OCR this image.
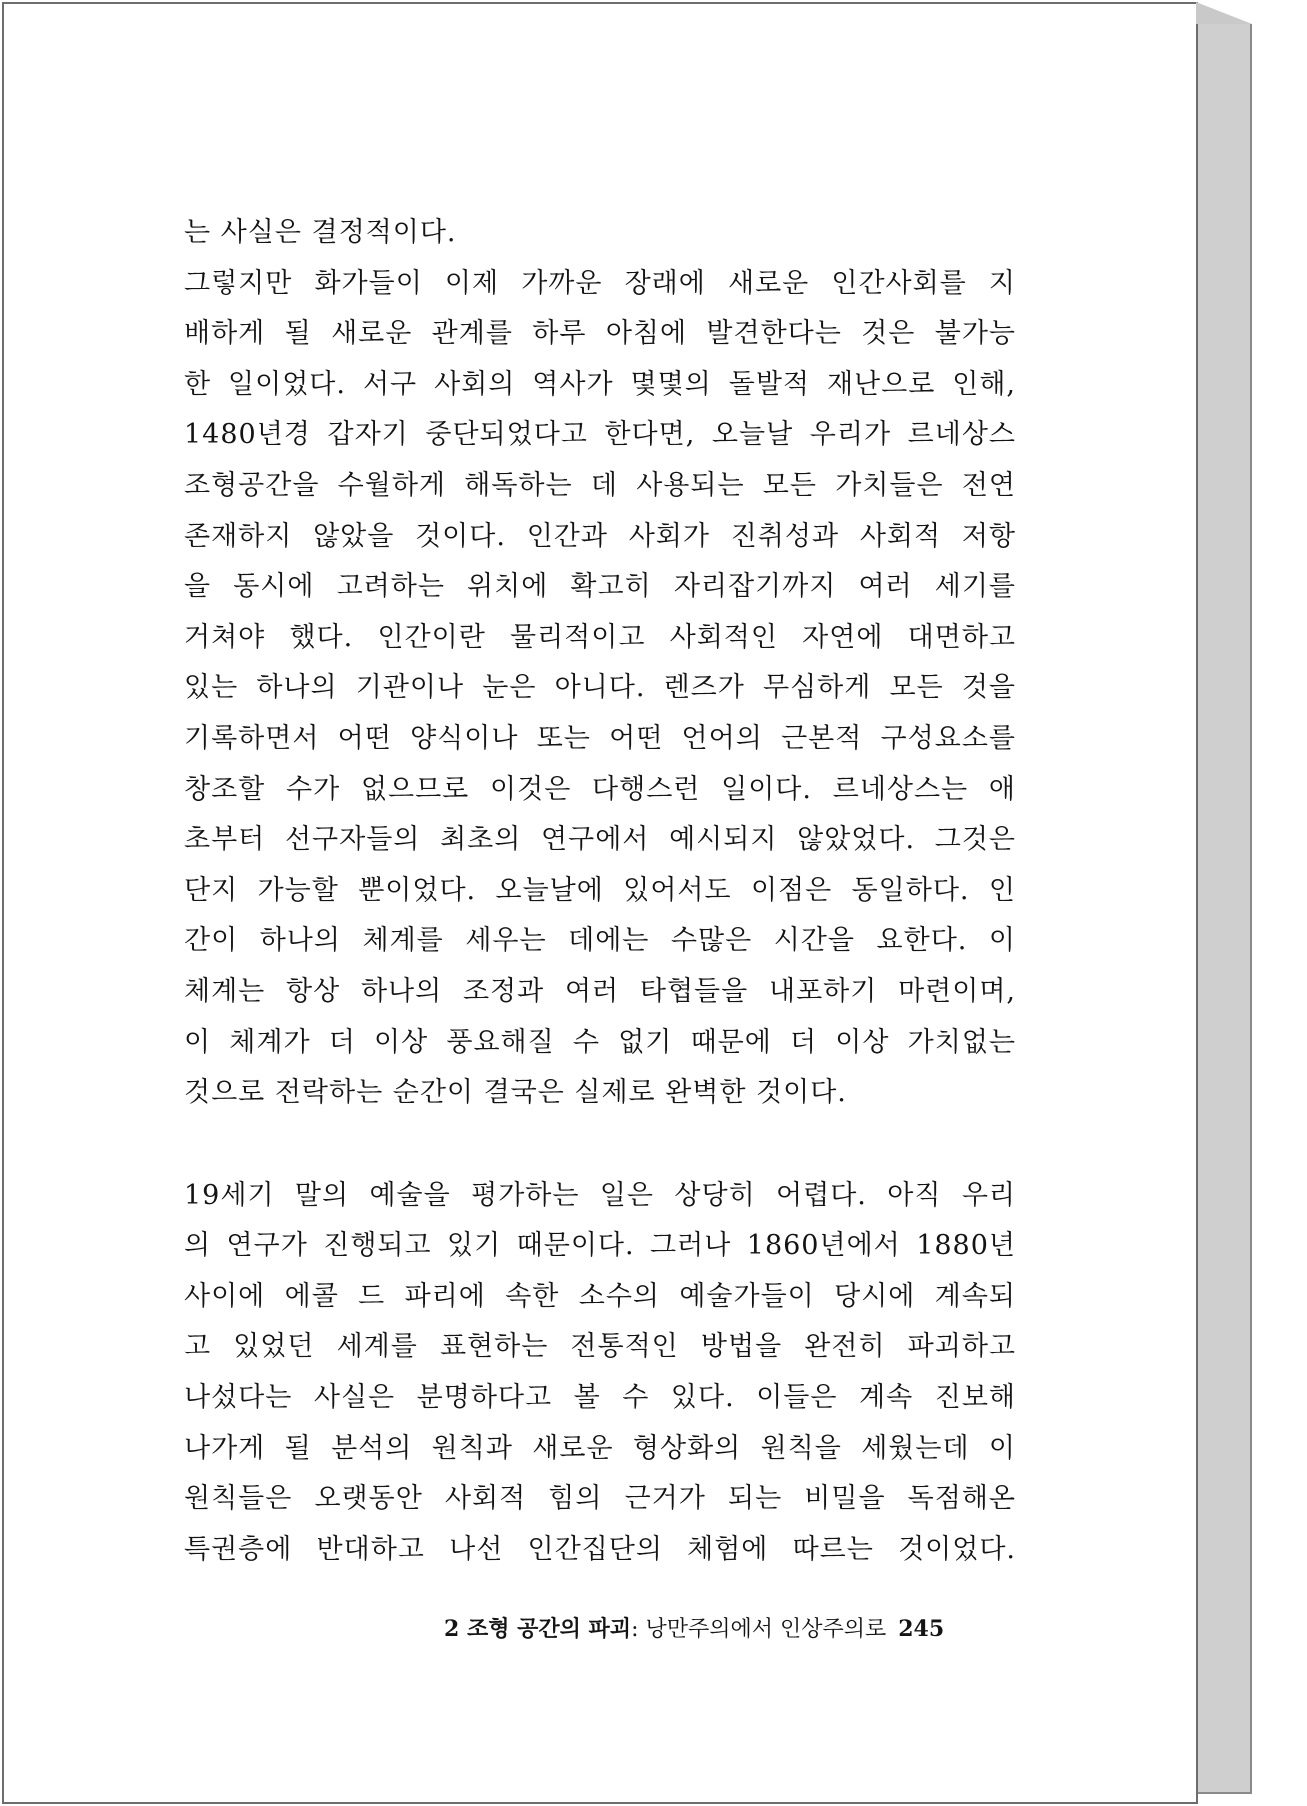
는 사실은 결정적이다.
그렇지만 화가들이 이제 가까운 장래에 새로운 인간사회를 지
배하게 될 새로운 관계를 하루 아침에 발견한다는 것은 불가능
한 일이었다. 서구 사회의 역사가 몇몇의 돌발적 재난으로 인해,
1480년경 갑자기 중단되었다고 한다면, 오늘날 우리가 르네상스
조형공간을 수월하게 해독하는 데 사용되는 모든 가치들은 전연
존재하지 않았을 것이다. 인간과 사회가 진취성과 사회적 저항
을 동시에 고려하는 위치에 확고히 자리잡기까지 여러 세기를
거쳐야 했다. 인간이란 물리적이고 사회적인 자연에 대면하고
있는 하나의 기관이나 눈은 아니다. 렌즈가 무심하게 모든 것을
기록하면서 어떤 양식이나 또는 어떤 언어의 근본적 구성요소를
창조할 수가 없으므로 이것은 다행스런 일이다. 르네상스는 애
초부터 선구자들의 최초의 연구에서 예시되지 않았었다. 그것은
단지 가능할 뿐이었다. 오늘날에 있어서도 이점은 동일하다. 인
간이 하나의 체계를 세우는 데에는 수많은 시간을 요한다. 이
체계는 항상 하나의 조정과 여러 타협들을 내포하기 마련이며,
이 체계가 더 이상 풍요해질 수 없기 때문에 더 이상 가치없는
것으로 전락하는 순간이 결국은 실제로 완벽한 것이다.
19세기 말의 예술을 평가하는 일은 상당히 어렵다. 아직 우리
의 연구가 진행되고 있기 때문이다. 그러나 1860년에서 1880년
사이에 에콜 드 파리에 속한 소수의 예술가들이 당시에 계속되
고 있었던 세계를 표현하는 전통적인 방법을 완전히 파괴하고
나섰다는 사실은 분명하다고 볼 수 있다. 이들은 계속 진보해
나가게 될 분석의 원칙과 새로운 형상화의 원칙을 세웠는데 이
원칙들은 오랫동안 사회적 힘의 근거가 되는 비밀을 독점해온
특권층에 반대하고 나선 인간집단의 체험에 따르는 것이었다.
2 조형 공간의 파괴: 낭만주의에서 인상주의로 245
